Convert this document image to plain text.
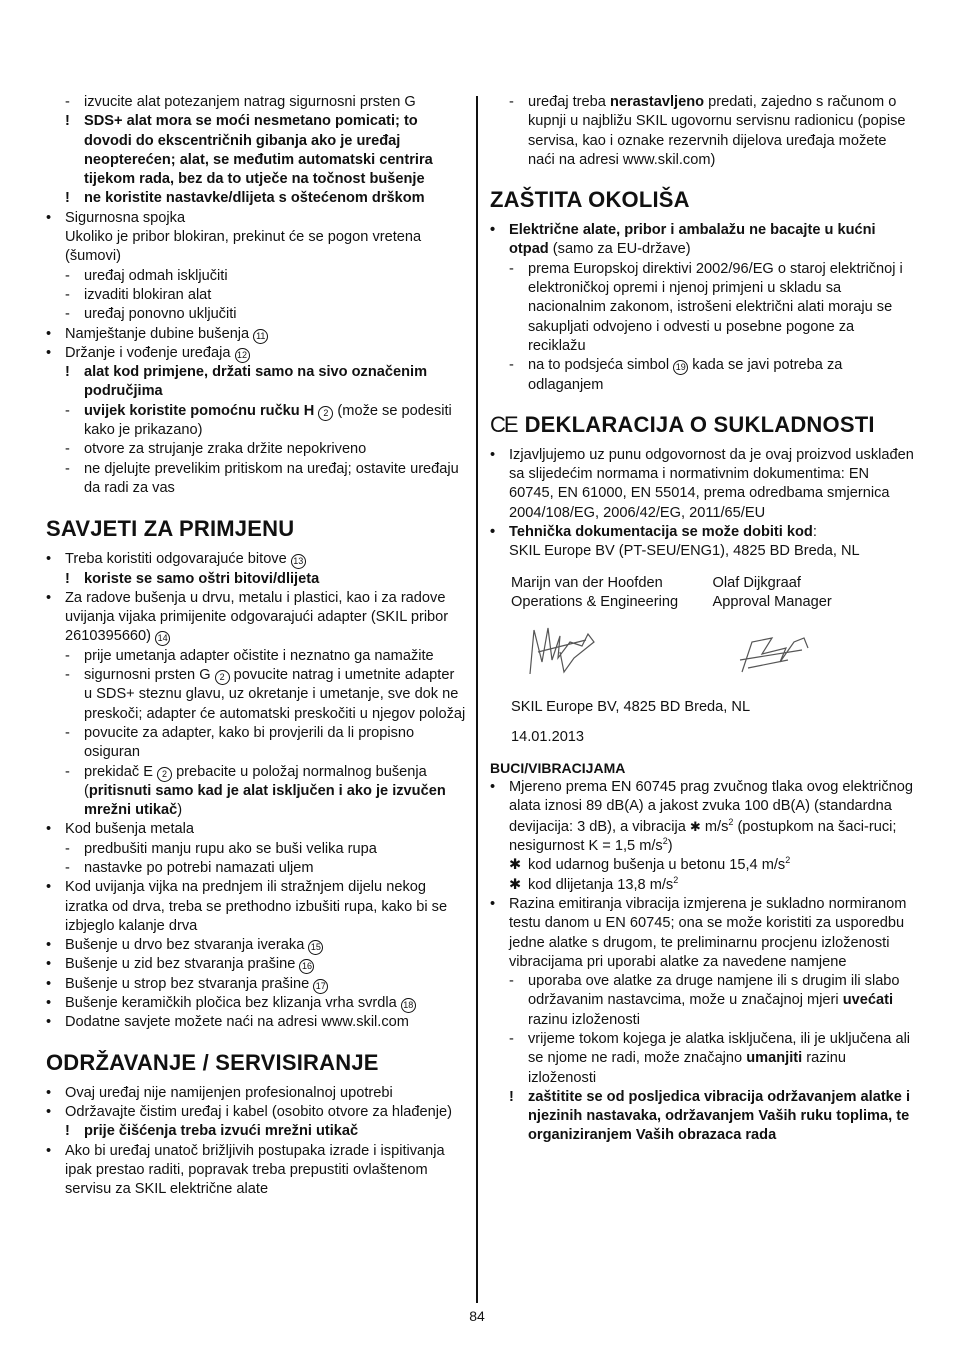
- izvucite alat potezanjem natrag sigurnosni prsten G
! SDS+ alat mora se moći nesmetano pomicati; to dovodi do ekscentričnih gibanja ako je uređaj neopterećen; alat, se međutim automatski centrira tijekom rada, bez da to utječe na točnost bušenje
! ne koristite nastavke/dlijeta s oštećenom drškom
• Sigurnosna spojka
Ukoliko je pribor blokiran, prekinut će se pogon vretena (šumovi)
- uređaj odmah isključiti
- izvaditi blokiran alat
- uređaj ponovno uključiti
• Namještanje dubine bušenja 11
• Držanje i vođenje uređaja 12
! alat kod primjene, držati samo na sivo označenim područjima
- uvijek koristite pomoćnu ručku H 2 (može se podesiti kako je prikazano)
- otvore za strujanje zraka držite nepokriveno
- ne djelujte prevelikim pritiskom na uređaj; ostavite uređaju da radi za vas
SAVJETI ZA PRIMJENU
• Treba koristiti odgovarajuće bitove 13
! koriste se samo oštri bitovi/dlijeta
• Za radove bušenja u drvu, metalu i plastici, kao i za radove uvijanja vijaka primijenite odgovarajući adapter (SKIL pribor 2610395660) 14
- prije umetanja adapter očistite i neznatno ga namažite
- sigurnosni prsten G 2 povucite natrag i umetnite adapter u SDS+ steznu glavu, uz okretanje i umetanje, sve dok ne preskoči; adapter će automatski preskočiti u njegov položaj
- povucite za adapter, kako bi provjerili da li propisno osiguran
- prekidač E 2 prebacite u položaj normalnog bušenja (pritisnuti samo kad je alat isključen i ako je izvučen mrežni utikač)
• Kod bušenja metala
- predbušiti manju rupu ako se buši velika rupa
- nastavke po potrebi namazati uljem
• Kod uvijanja vijka na prednjem ili stražnjem dijelu nekog izratka od drva, treba se prethodno izbušiti rupa, kako bi se izbjeglo kalanje drva
• Bušenje u drvo bez stvaranja iveraka 15
• Bušenje u zid bez stvaranja prašine 16
• Bušenje u strop bez stvaranja prašine 17
• Bušenje keramičkih pločica bez klizanja vrha svrdla 18
• Dodatne savjete možete naći na adresi www.skil.com
ODRŽAVANJE / SERVISIRANJE
• Ovaj uređaj nije namijenjen profesionalnoj upotrebi
• Održavajte čistim uređaj i kabel (osobito otvore za hlađenje)
! prije čišćenja treba izvući mrežni utikač
• Ako bi uređaj unatoč brižljivih postupaka izrade i ispitivanja ipak prestao raditi, popravak treba prepustiti ovlaštenom servisu za SKIL električne alate
- uređaj treba nerastavljeno predati, zajedno s računom o kupnji u najbližu SKIL ugovornu servisnu radionicu (popise servisa, kao i oznake rezervnih dijelova uređaja možete naći na adresi www.skil.com)
ZAŠTITA OKOLIŠA
• Električne alate, pribor i ambalažu ne bacajte u kućni otpad (samo za EU-države)
- prema Europskoj direktivi 2002/96/EG o staroj električnoj i elektroničkoj opremi i njenoj primjeni u skladu sa nacionalnim zakonom, istrošeni električni alati moraju se sakupljati odvojeno i odvesti u posebne pogone za reciklažu
- na to podsjeća simbol 19 kada se javi potreba za odlaganjem
CE DEKLARACIJA O SUKLADNOSTI
• Izjavljujemo uz punu odgovornost da je ovaj proizvod usklađen sa slijedećim normama i normativnim dokumentima: EN 60745, EN 61000, EN 55014, prema odredbama smjernica 2004/108/EG, 2006/42/EG, 2011/65/EU
• Tehnička dokumentacija se može dobiti kod:
SKIL Europe BV (PT-SEU/ENG1), 4825 BD Breda, NL
Marijn van der Hoofden
Operations & Engineering
Olaf Dijkgraaf
Approval Manager
SKIL Europe BV, 4825 BD Breda, NL
14.01.2013
BUCI/VIBRACIJAMA
• Mjereno prema EN 60745 prag zvučnog tlaka ovog električnog alata iznosi 89 dB(A) a jakost zvuka 100 dB(A) (standardna devijacija: 3 dB), a vibracija ✱ $m/s^2$ (postupkom na šaci-ruci; nesigurnost K = 1,5 $m/s^2$)
✱ kod udarnog bušenja u betonu 15,4 $m/s^2$
✱ kod dlijetanja 13,8 $m/s^2$
• Razina emitiranja vibracija izmjerena je sukladno normiranom testu danom u EN 60745; ona se može koristiti za usporedbu jedne alatke s drugom, te preliminarnu procjenu izloženosti vibracijama pri uporabi alatke za navedene namjene
- uporaba ove alatke za druge namjene ili s drugim ili slabo održavanim nastavcima, može u značajnoj mjeri uvećati razinu izloženosti
- vrijeme tokom kojega je alatka isključena, ili je uključena ali se njome ne radi, može značajno umanjiti razinu izloženosti
! zaštitite se od posljedica vibracija održavanjem alatke i njezinih nastavaka, održavanjem Vaših ruku toplima, te organiziranjem Vaših obrazaca rada
84
